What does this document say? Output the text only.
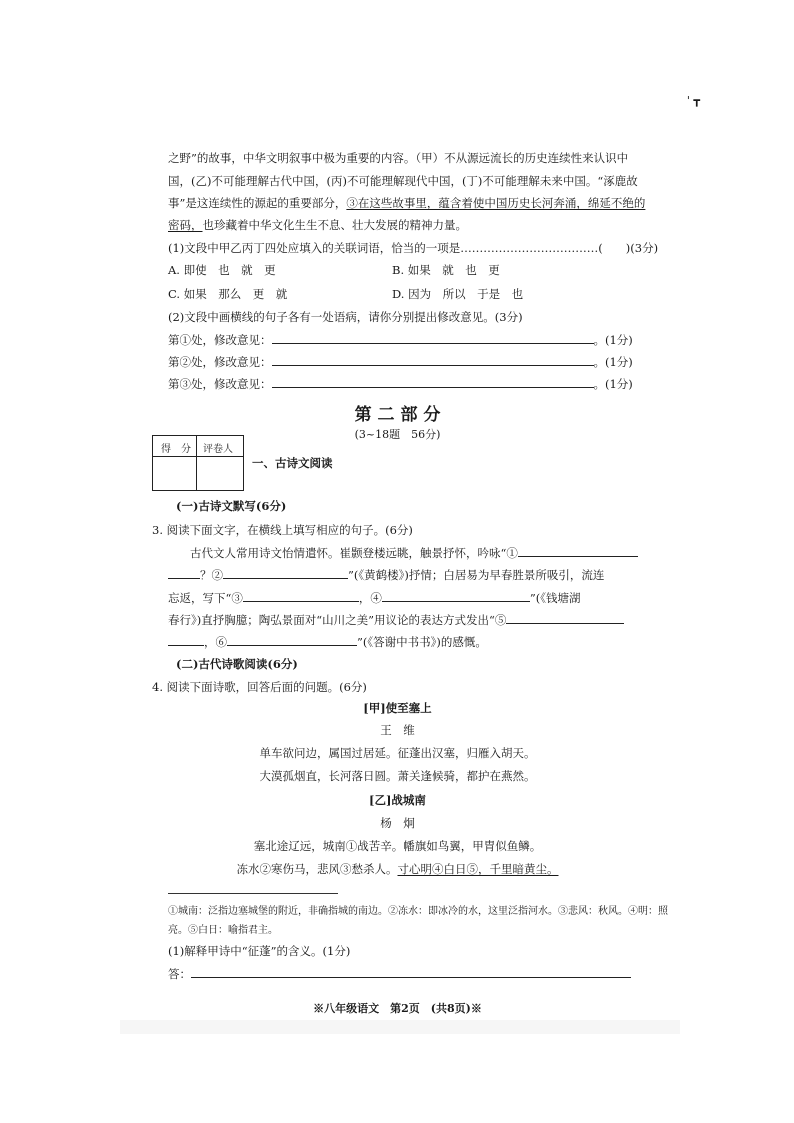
' ┳
之野”的故事，中华文明叙事中极为重要的内容。（甲）不从源远流长的历史连续性来认识中
国，(乙)不可能理解古代中国，(丙)不可能理解现代中国，(丁)不可能理解未来中国。“涿鹿故
事”是这连续性的源起的重要部分，③在这些故事里，蕴含着使中国历史长河奔涌，绵延不绝的
密码，也珍藏着中华文化生生不息、壮大发展的精神力量。
(1)文段中甲乙丙丁四处应填入的关联词语，恰当的一项是………………………………(　　)(3分)
A. 即使　也　就　更	B. 如果　就　也　更
C. 如果　那么　更　就	D. 因为　所以　于是　也
(2)文段中画横线的句子各有一处语病，请你分别提出修改意见。(3分)
第①处，修改意见：	。(1分)
第②处，修改意见：	。(1分)
第③处，修改意见：	。(1分)
第 二 部 分
(3~18题　56分)
得　分 评卷人
一、古诗文阅读
(一)古诗文默写(6分)
3. 阅读下面文字，在横线上填写相应的句子。(6分)
古代文人常用诗文怡情遣怀。崔颢登楼远眺，触景抒怀，吟咏“①
？②	”(《黄鹤楼》)抒情；白居易为早春胜景所吸引，流连
忘返，写下“③	，④	”(《钱塘湖
春行》)直抒胸臆；陶弘景面对“山川之美”用议论的表达方式发出“⑤
，⑥	”(《答谢中书书》)的感慨。
(二)古代诗歌阅读(6分)
4. 阅读下面诗歌，回答后面的问题。(6分)
[甲]使至塞上
王　维
单车欲问边，属国过居延。征蓬出汉塞，归雁入胡天。
大漠孤烟直，长河落日圆。萧关逢候骑，都护在燕然。
[乙]战城南
杨　炯
塞北途辽远，城南①战苦辛。幡旗如鸟翼，甲胄似鱼鳞。
冻水②寒伤马，悲风③愁杀人。寸心明④白日⑤，千里暗黄尘。
①城南：泛指边塞城堡的附近，非确指城的南边。②冻水：即冰冷的水，这里泛指河水。③悲风：秋风。④明：照
亮。⑤白日：喻指君主。
(1)解释甲诗中“征蓬”的含义。(1分)
答：
※八年级语文　第2页　(共8页)※
